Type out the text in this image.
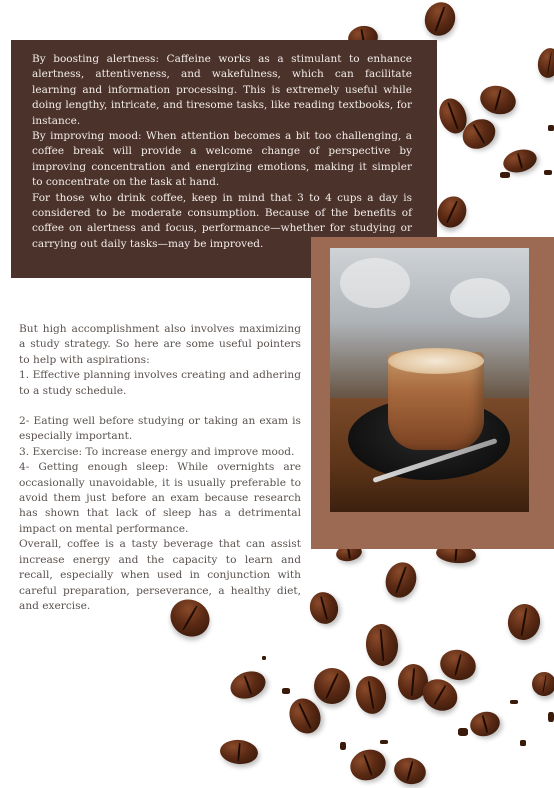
By boosting alertness: Caffeine works as a stimulant to enhance alertness, attentiveness, and wakefulness, which can facilitate learning and information processing. This is extremely useful while doing lengthy, intricate, and tiresome tasks, like reading textbooks, for instance.

By improving mood: When attention becomes a bit too challenging, a coffee break will provide a welcome change of perspective by improving concentration and energizing emotions, making it simpler to concentrate on the task at hand.

For those who drink coffee, keep in mind that 3 to 4 cups a day is considered to be moderate consumption. Because of the benefits of coffee on alertness and focus, performance—whether for studying or carrying out daily tasks—may be improved.

But high accomplishment also involves maximizing a study strategy. So here are some useful pointers to help with aspirations:

1. Effective planning involves creating and adhering to a study schedule.

2- Eating well before studying or taking an exam is especially important.

3. Exercise: To increase energy and improve mood.

4- Getting enough sleep: While overnights are occasionally unavoidable, it is usually preferable to avoid them just before an exam because research has shown that lack of sleep has a detrimental impact on mental performance.

Overall, coffee is a tasty beverage that can assist increase energy and the capacity to learn and recall, especially when used in conjunction with careful preparation, perseverance, a healthy diet, and exercise.
